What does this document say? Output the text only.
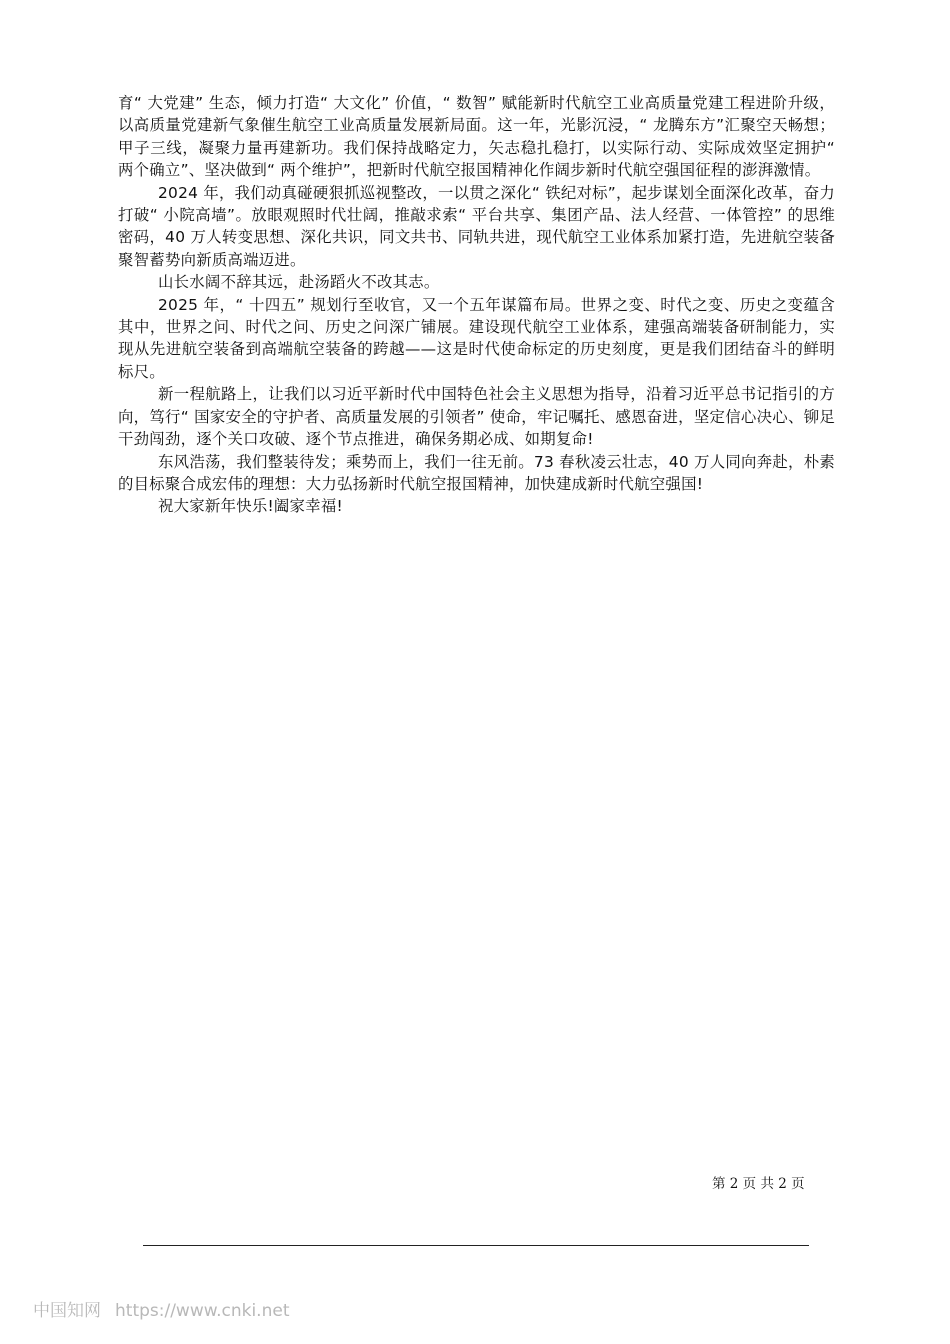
育“ 大党建” 生态，倾力打造“ 大文化” 价值，“ 数智” 赋能新时代航空工业高质量党建工程进阶升级，以高质量党建新气象催生航空工业高质量发展新局面。这一年，光影沉浸，“ 龙腾东方”汇聚空天畅想；甲子三线，凝聚力量再建新功。我们保持战略定力，矢志稳扎稳打，以实际行动、实际成效坚定拥护“ 两个确立”、坚决做到“ 两个维护”，把新时代航空报国精神化作阔步新时代航空强国征程的澎湃激情。

2024 年，我们动真碰硬狠抓巡视整改，一以贯之深化“ 铁纪对标”，起步谋划全面深化改革，奋力打破“ 小院高墙”。放眼观照时代壮阔，推敲求索“ 平台共享、集团产品、法人经营、一体管控” 的思维密码，40 万人转变思想、深化共识，同文共书、同轨共进，现代航空工业体系加紧打造，先进航空装备聚智蓄势向新质高端迈进。

山长水阔不辞其远，赴汤蹈火不改其志。

2025 年，“ 十四五” 规划行至收官，又一个五年谋篇布局。世界之变、时代之变、历史之变蕴含其中，世界之问、时代之问、历史之问深广铺展。建设现代航空工业体系，建强高端装备研制能力，实现从先进航空装备到高端航空装备的跨越——这是时代使命标定的历史刻度，更是我们团结奋斗的鲜明标尺。

新一程航路上，让我们以习近平新时代中国特色社会主义思想为指导，沿着习近平总书记指引的方向，笃行“ 国家安全的守护者、高质量发展的引领者” 使命，牢记嘱托、感恩奋进，坚定信心决心、铆足干劲闯劲，逐个关口攻破、逐个节点推进，确保务期必成、如期复命!

东风浩荡，我们整装待发；乘势而上，我们一往无前。73 春秋凌云壮志，40 万人同向奔赴，朴素的目标聚合成宏伟的理想：大力弘扬新时代航空报国精神，加快建成新时代航空强国!

祝大家新年快乐!阖家幸福!

第 2 页 共 2 页
中国知网 https://www.cnki.net
